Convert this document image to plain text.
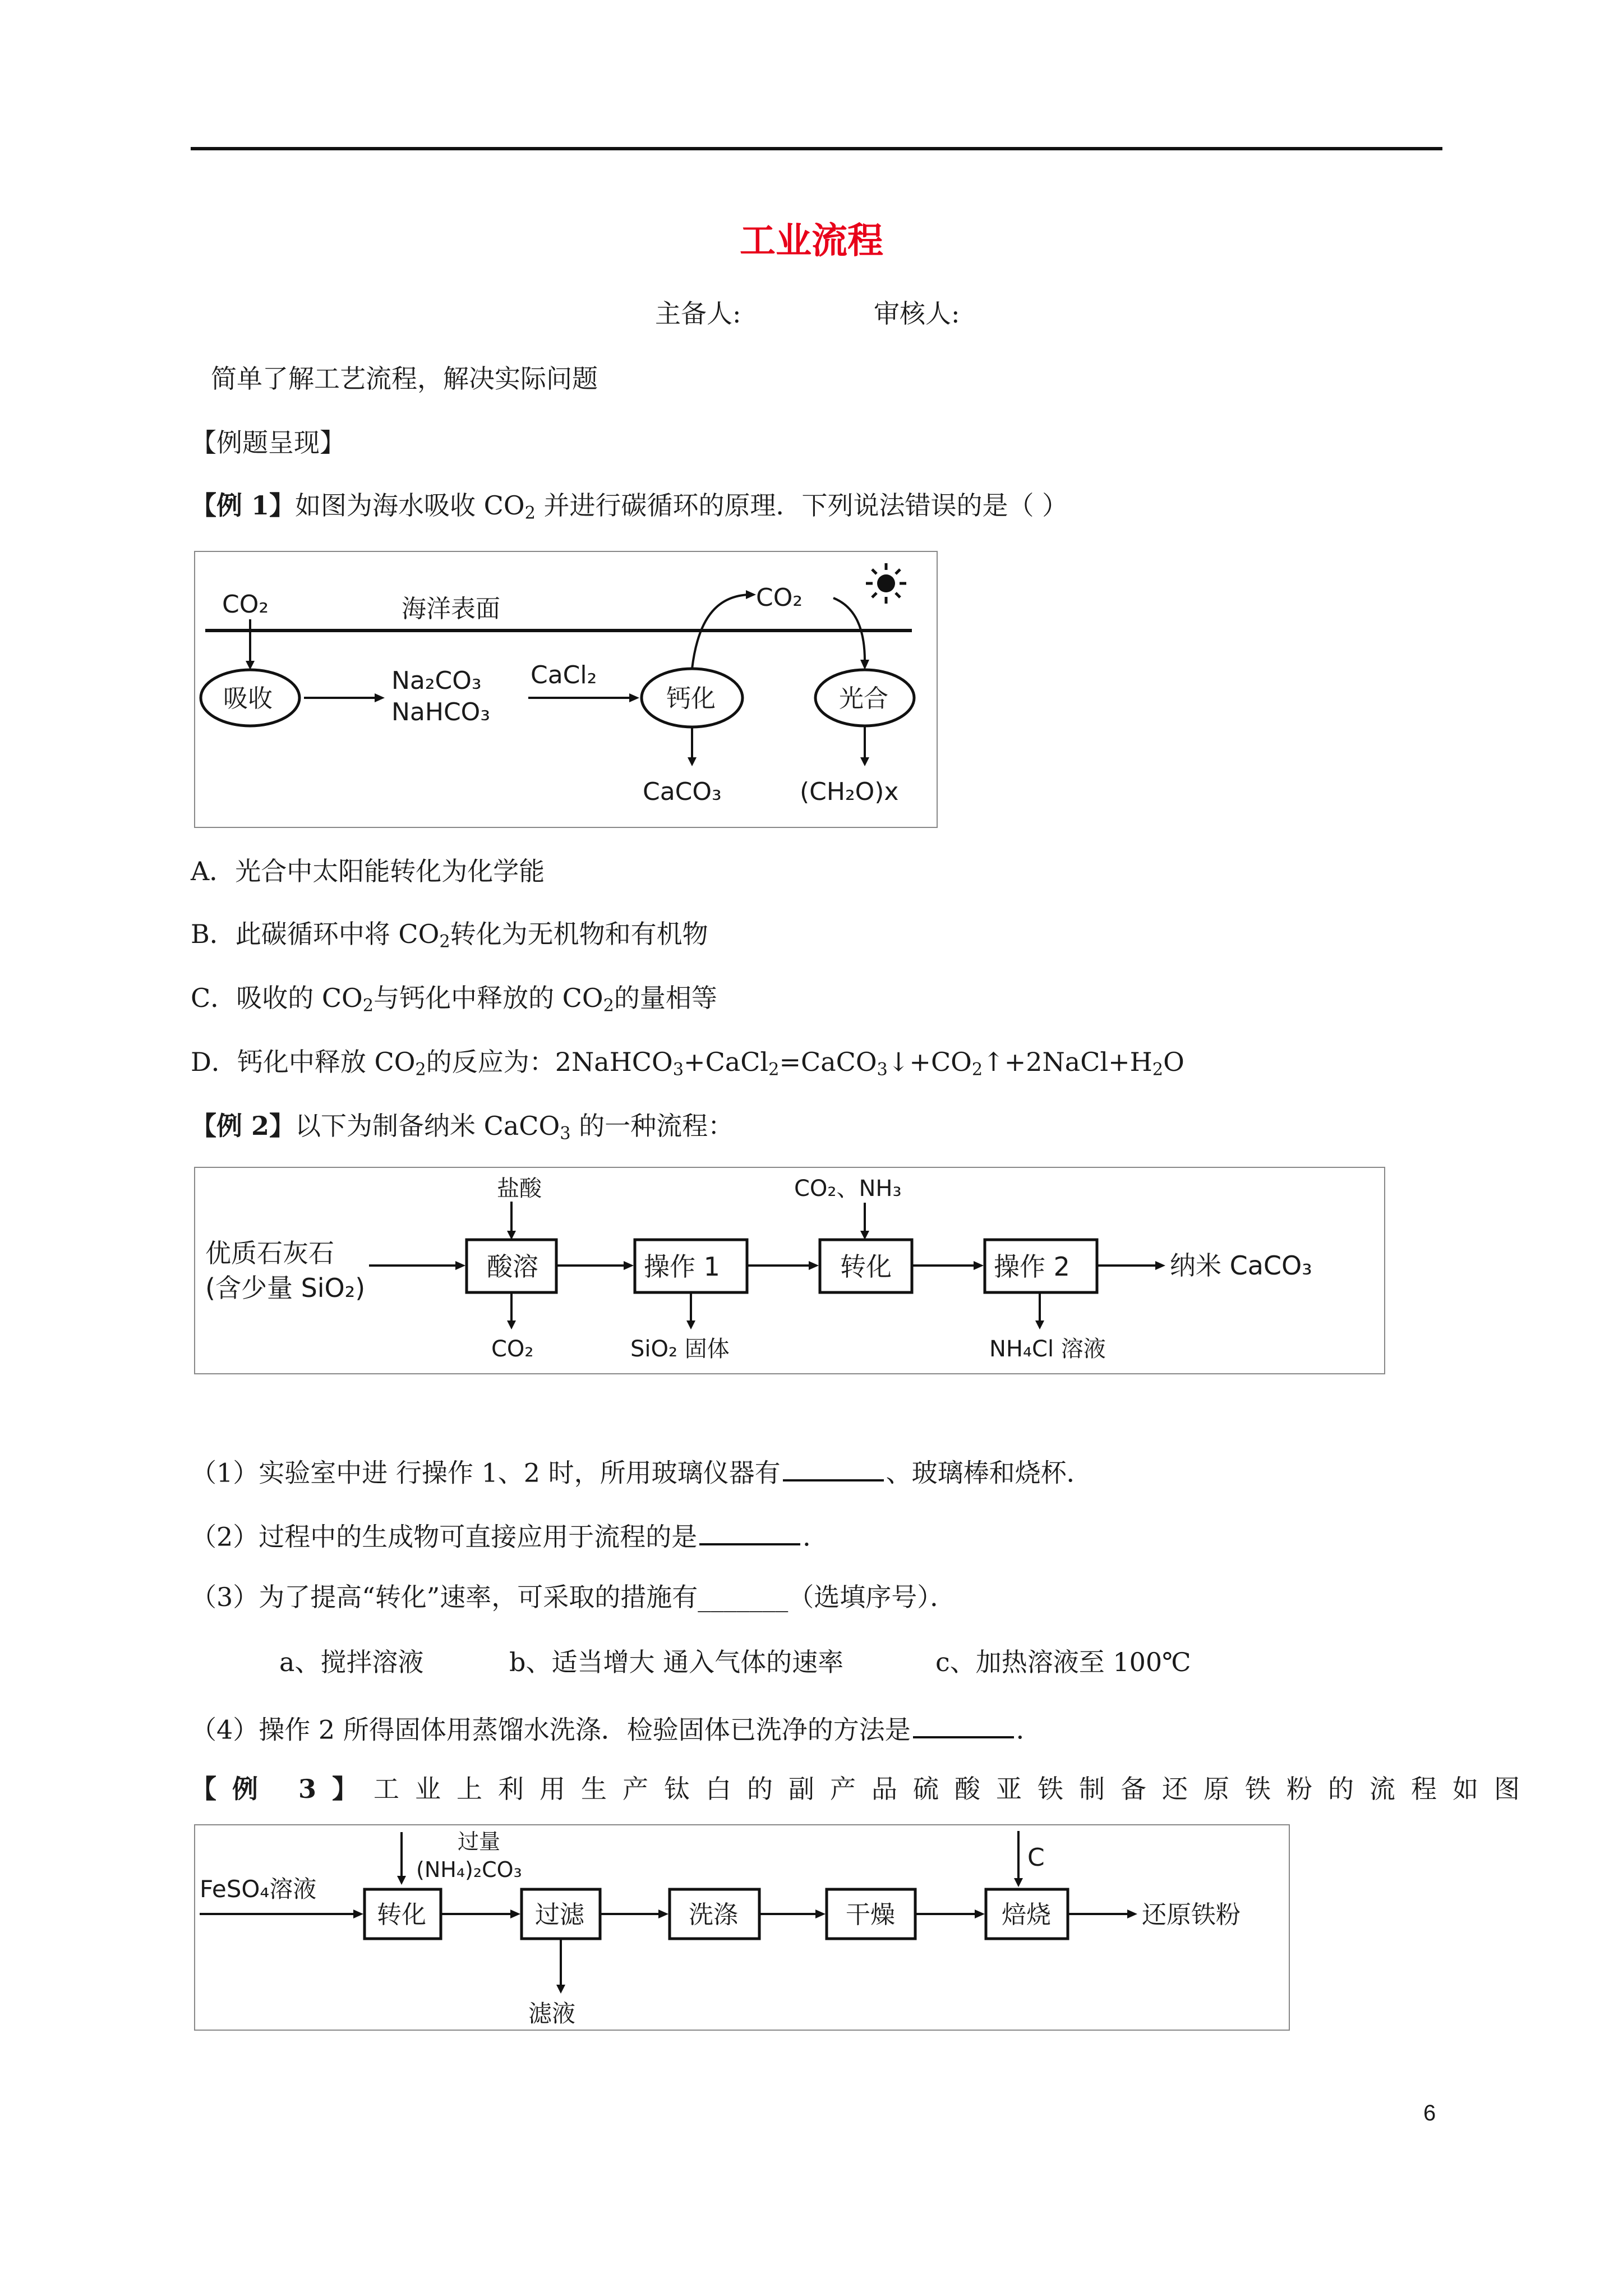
工业流程
主备人:	审核人:
简单了解工艺流程，解决实际问题
【例题呈现】
【例 1】如图为海水吸收 $CO_2$ 并进行碳循环的原理．下列说法错误的是（ ）
CO₂	海洋表面
吸收
Na₂CO₃
NaHCO₃
CaCl₂
钙化
CO₂
光合
CaCO₃	(CH₂O)x
A．光合中太阳能转化为化学能
B．此碳循环中将 $CO_2$转化为无机物和有机物
C．吸收的 $CO_2$与钙化中释放的 $CO_2$的量相等
D．钙化中释放 $CO_2$的反应为：$2NaHCO_3+CaCl_2=CaCO_3↓+CO_2↑+2NaCl+H_2O$
【例 2】以下为制备纳米 CaCO$_3$ 的一种流程：
优质石灰石
(含少量 SiO₂)
盐酸
酸溶
CO₂
操作 1
SiO₂ 固体
CO₂、NH₃
转化	操作 2
NH₄Cl 溶液
纳米 CaCO₃
（1）实验室中进 行操作 1、2 时，所用玻璃仪器有	、玻璃棒和烧杯．
（2）过程中的生成物可直接应用于流程的是	．
（3）为了提高“转化”速率，可采取的措施有_______（选填序号）．
a、搅拌溶液	b、适当增大 通入气体的速率	c、加热溶液至 100℃
（4）操作 2 所得固体用蒸馏水洗涤．检验固体已洗净的方法是	．
【例 3】工业上利用生产钛白的副产品硫酸亚铁制备还原铁粉的流程如图
FeSO₄溶液
过量
(NH₄)₂CO₃
转化	过滤
滤液
洗涤	干燥
C
焙烧	还原铁粉
6
